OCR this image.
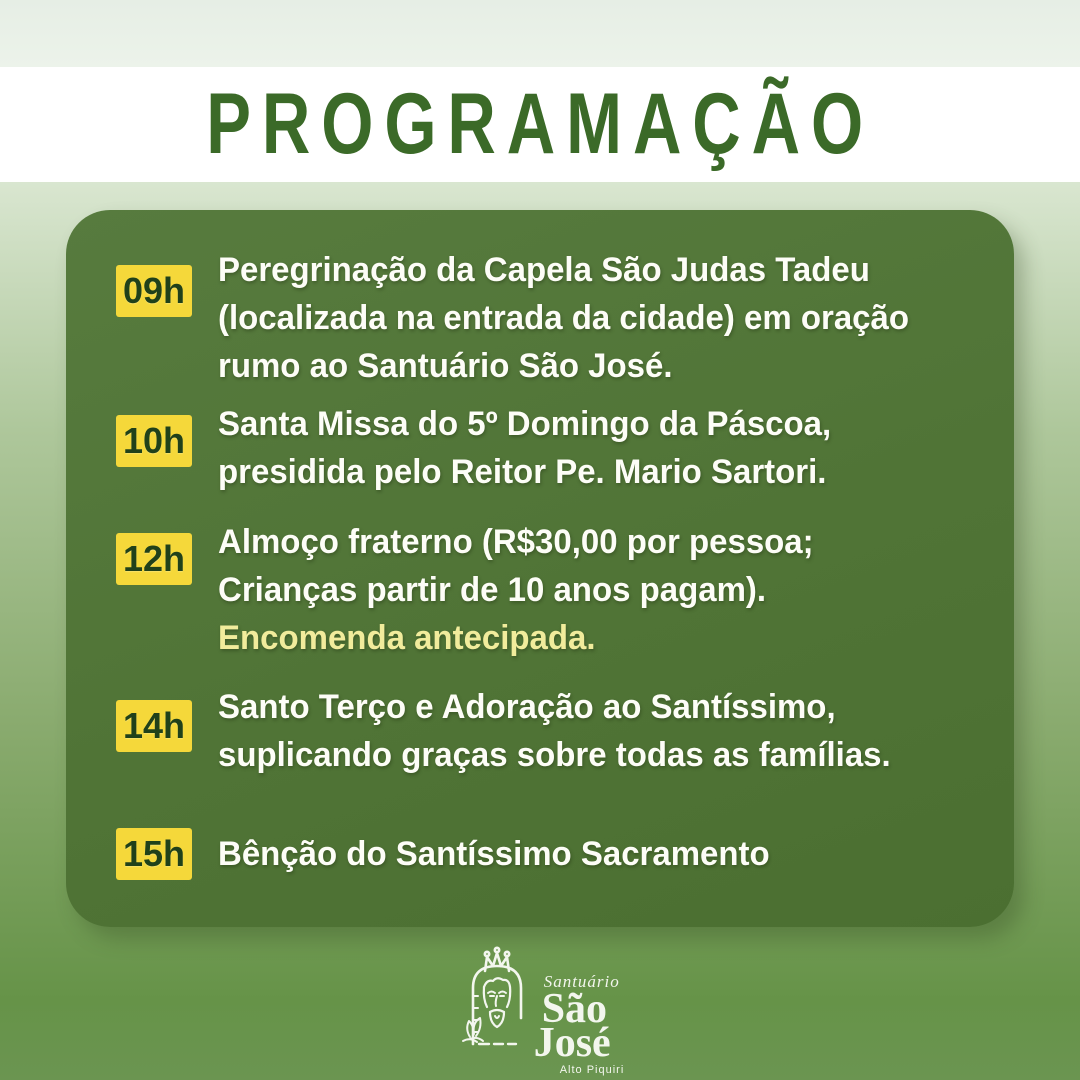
PROGRAMAÇÃO
09h Peregrinação da Capela São Judas Tadeu
(localizada na entrada da cidade) em oração
rumo ao Santuário São José.
10h Santa Missa do 5º Domingo da Páscoa,
presidida pelo Reitor Pe. Mario Sartori.
12h Almoço fraterno (R$30,00 por pessoa;
Crianças partir de 10 anos pagam).
Encomenda antecipada.
14h Santo Terço e Adoração ao Santíssimo,
suplicando graças sobre todas as famílias.
15h Bênção do Santíssimo Sacramento
Santuário
São
José
Alto Piquiri
